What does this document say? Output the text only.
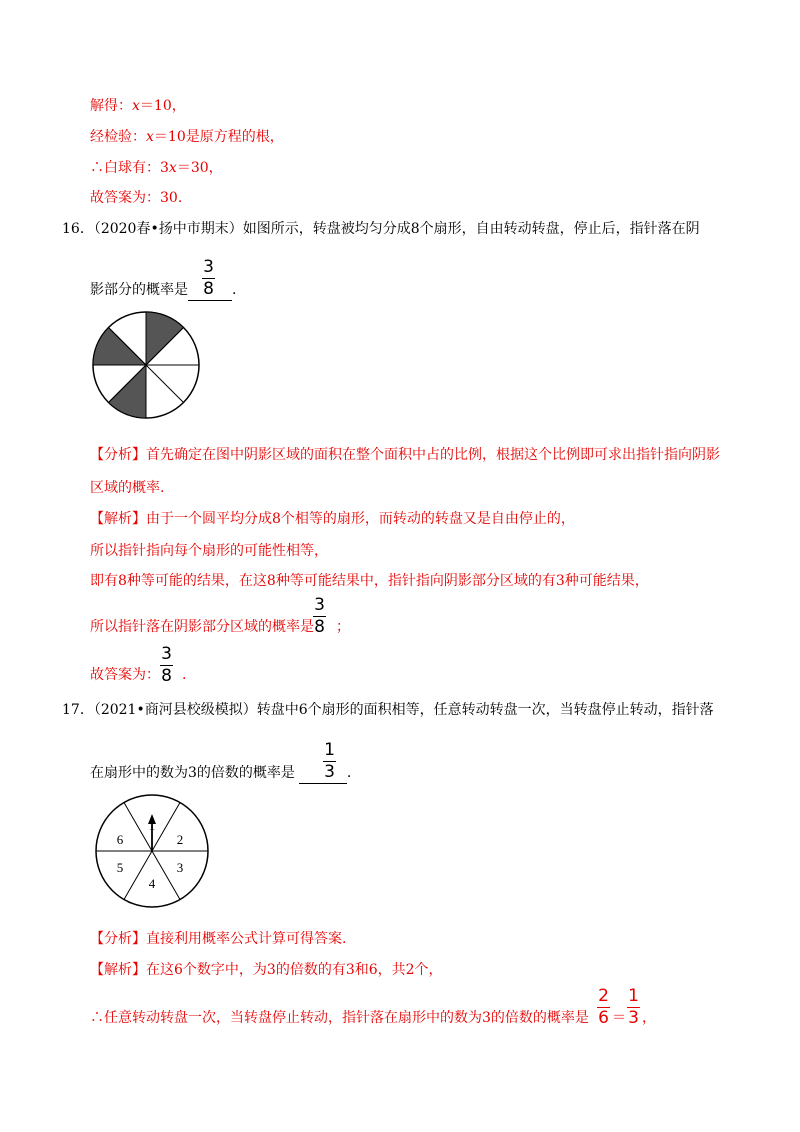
解得：x＝10，
经检验：x＝10是原方程的根，
∴白球有：3x＝30，
故答案为：30.
16．（2020春•扬中市期末）如图所示，转盘被均匀分成8个扇形，自由转动转盘，停止后，指针落在阴
影部分的概率是	.
3
8
【分析】首先确定在图中阴影区域的面积在整个面积中占的比例，根据这个比例即可求出指针指向阴影
区域的概率.
【解析】由于一个圆平均分成8个相等的扇形，而转动的转盘又是自由停止的，
所以指针指向每个扇形的可能性相等，
即有8种等可能的结果，在这8种等可能结果中，指针指向阴影部分区域的有3种可能结果，
所以指针落在阴影部分区域的概率是 ；
3
8
故答案为： .
3
8
17．（2021•商河县校级模拟）转盘中6个扇形的面积相等，任意转动转盘一次，当转盘停止转动，指针落
在扇形中的数为3的倍数的概率是	.
1
3
1
2
3
4
5
6
【分析】直接利用概率公式计算可得答案.
【解析】在这6个数字中，为3的倍数的有3和6，共2个，
∴任意转动转盘一次，当转盘停止转动，指针落在扇形中的数为3的倍数的概率是
2
6 ＝
1
3 ，
